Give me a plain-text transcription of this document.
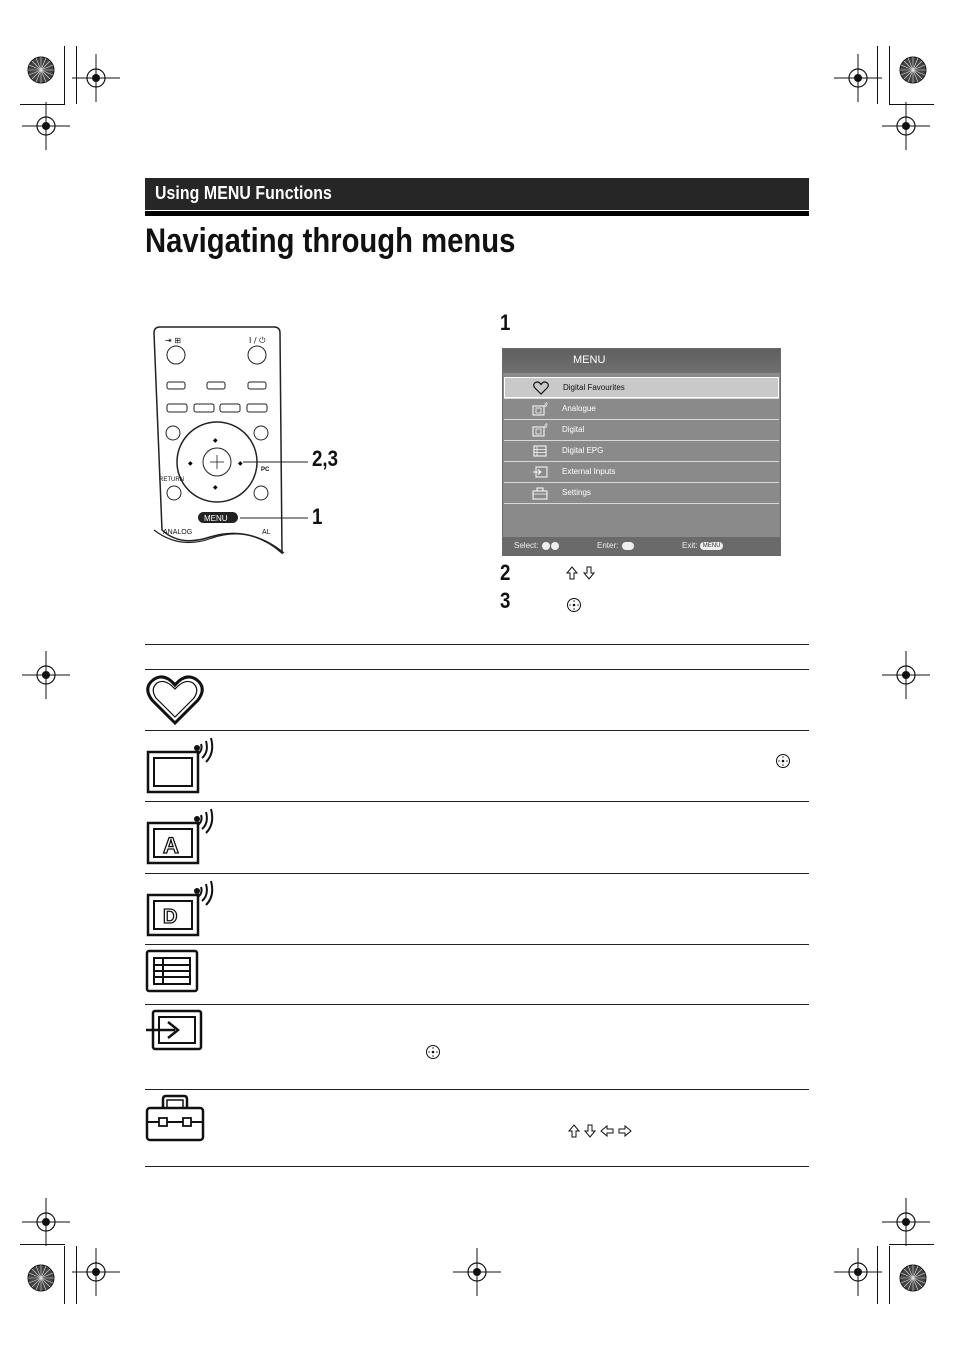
Using MENU Functions
Navigating through menus
◆
◆
◆	◆
⇥ ⊞	I / ⏻
RETURN
PC
MENU
ANALOG	AL
2,3
1
1
MENU
Digital Favourites
Analogue
Digital
Digital EPG
External Inputs
Settings
Select:	Enter:	Exit: MENU
2
3
A
D
